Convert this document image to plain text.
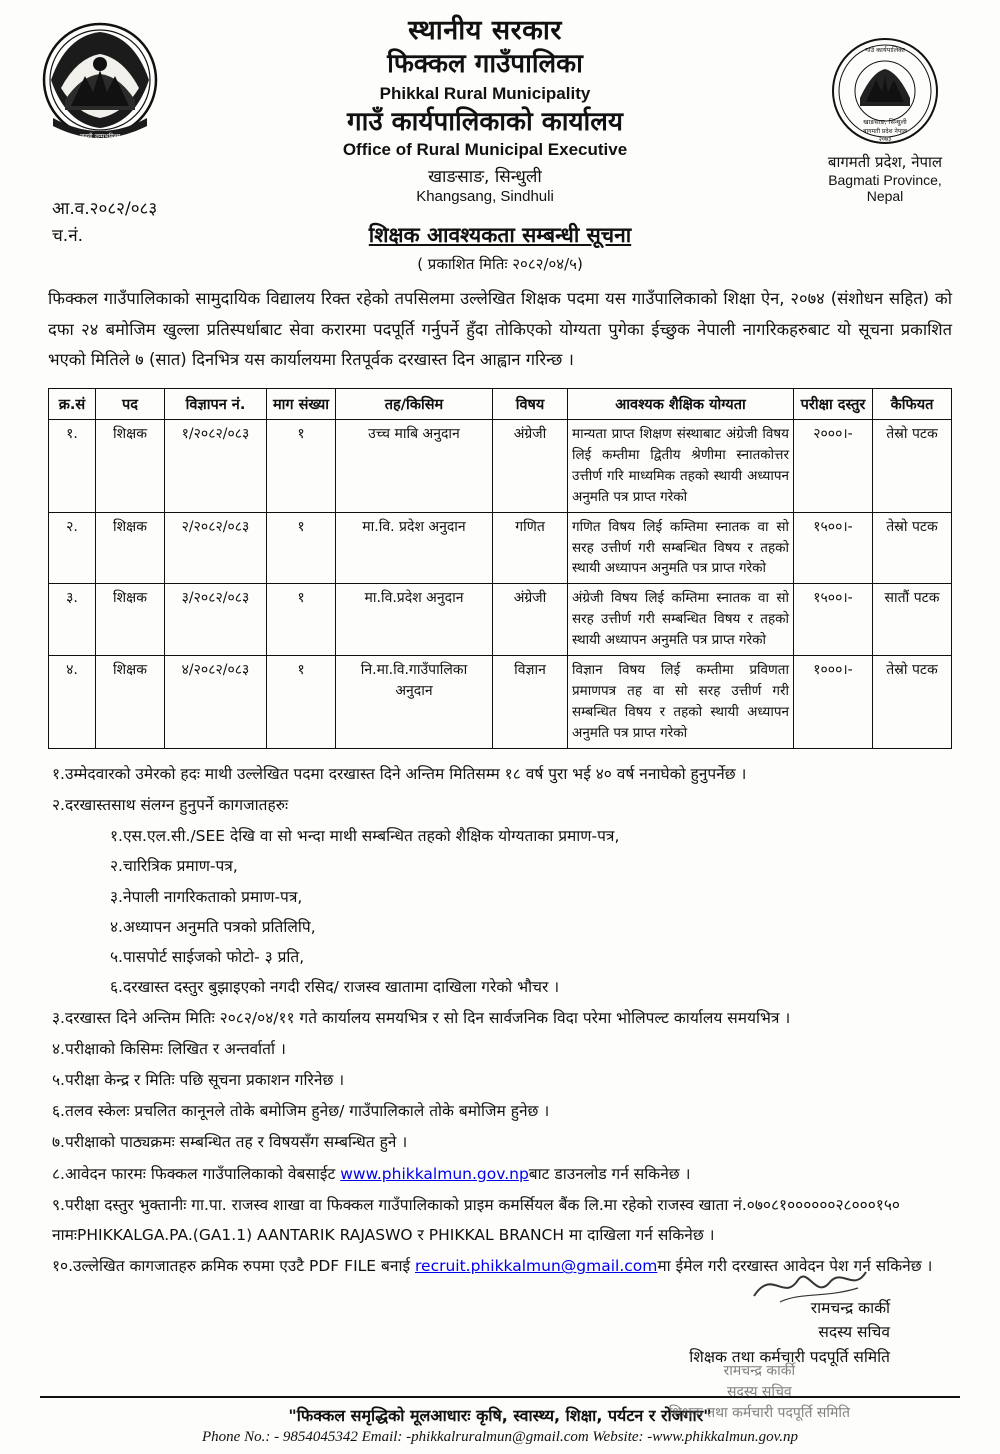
जननी जन्मभूमिश्च
स्थानीय सरकार
फिक्कल गाउँपालिका
Phikkal Rural Municipality
गाउँ कार्यपालिकाको कार्यालय
Office of Rural Municipal Executive
खाङसाङ, सिन्धुली
Khangsang, Sindhuli
गाउँ कार्यपालिका
खाङसाङ, सिन्धुली
बागमती प्रदेश नेपाल
२०७३
बागमती प्रदेश, नेपाल
Bagmati Province, Nepal
आ.व.२०८२/०८३
च.नं.	शिक्षक आवश्यकता सम्बन्धी सूचना
( प्रकाशित मितिः २०८२/०४/५)
फिक्कल गाउँपालिकाको सामुदायिक विद्यालय रिक्त रहेको तपसिलमा उल्लेखित शिक्षक पदमा यस गाउँपालिकाको शिक्षा ऐन, २०७४ (संशोधन सहित) को दफा २४ बमोजिम खुल्ला प्रतिस्पर्धाबाट सेवा करारमा पदपूर्ति गर्नुपर्ने हुँदा तोकिएको योग्यता पुगेका ईच्छुक नेपाली नागरिकहरुबाट यो सूचना प्रकाशित भएको मितिले ७ (सात) दिनभित्र यस कार्यालयमा रितपूर्वक दरखास्त दिन आह्वान गरिन्छ ।
क्र.सं	पद	विज्ञापन नं.	माग संख्या	तह/किसिम	विषय	आवश्यक शैक्षिक योग्यता	परीक्षा दस्तुर	कैफियत
१.	शिक्षक	१/२०८२/०८३	१	उच्च माबि अनुदान	अंग्रेजी	मान्यता प्राप्त शिक्षण संस्थाबाट अंग्रेजी विषय लिई कम्तीमा द्वितीय श्रेणीमा स्नातकोत्तर उत्तीर्ण गरि माध्यमिक तहको स्थायी अध्यापन अनुमति पत्र प्राप्त गरेको	२०००।-	तेस्रो पटक
२.	शिक्षक	२/२०८२/०८३	१	मा.वि. प्रदेश अनुदान	गणित	गणित विषय लिई कम्तिमा स्नातक वा सो सरह उत्तीर्ण गरी सम्बन्धित विषय र तहको स्थायी अध्यापन अनुमति पत्र प्राप्त गरेको	१५००।-	तेस्रो पटक
३.	शिक्षक	३/२०८२/०८३	१	मा.वि.प्रदेश अनुदान	अंग्रेजी	अंग्रेजी विषय लिई कम्तिमा स्नातक वा सो सरह उत्तीर्ण गरी सम्बन्धित विषय र तहको स्थायी अध्यापन अनुमति पत्र प्राप्त गरेको	१५००।-	सातौं पटक
४.	शिक्षक	४/२०८२/०८३	१	नि.मा.वि.गाउँपालिका अनुदान	विज्ञान	विज्ञान विषय लिई कम्तीमा प्रविणता प्रमाणपत्र तह वा सो सरह उत्तीर्ण गरी सम्बन्धित विषय र तहको स्थायी अध्यापन अनुमति पत्र प्राप्त गरेको	१०००।-	तेस्रो पटक
१.उम्मेदवारको उमेरको हदः माथी उल्लेखित पदमा दरखास्त दिने अन्तिम मितिसम्म १८ वर्ष पुरा भई ४० वर्ष ननाघेको हुनुपर्नेछ ।
२.दरखास्तसाथ संलग्न हुनुपर्ने कागजातहरुः
१.एस.एल.सी./SEE देखि वा सो भन्दा माथी सम्बन्धित तहको शैक्षिक योग्यताका प्रमाण-पत्र,
२.चारित्रिक प्रमाण-पत्र,
३.नेपाली नागरिकताको प्रमाण-पत्र,
४.अध्यापन अनुमति पत्रको प्रतिलिपि,
५.पासपोर्ट साईजको फोटो- ३ प्रति,
६.दरखास्त दस्तुर बुझाइएको नगदी रसिद/ राजस्व खातामा दाखिला गरेको भौचर ।
३.दरखास्त दिने अन्तिम मितिः २०८२/०४/११ गते कार्यालय समयभित्र र सो दिन सार्वजनिक विदा परेमा भोलिपल्ट कार्यालय समयभित्र ।
४.परीक्षाको किसिमः लिखित र अन्तर्वार्ता ।
५.परीक्षा केन्द्र र मितिः पछि सूचना प्रकाशन गरिनेछ ।
६.तलव स्केलः प्रचलित कानूनले तोके बमोजिम हुनेछ/ गाउँपालिकाले तोके बमोजिम हुनेछ ।
७.परीक्षाको पाठ्यक्रमः सम्बन्धित तह र विषयसँग सम्बन्धित हुने ।
८.आवेदन फारमः फिक्कल गाउँपालिकाको वेबसाईट www.phikkalmun.gov.npबाट डाउनलोड गर्न सकिनेछ ।
९.परीक्षा दस्तुर भुक्तानीः गा.पा. राजस्व शाखा वा फिक्कल गाउँपालिकाको प्राइम कमर्सियल बैंक लि.मा रहेको राजस्व खाता नं.०७०८१००००००२८०००१५० नामःPHIKKALGA.PA.(GA1.1) AANTARIK RAJASWO र PHIKKAL BRANCH मा दाखिला गर्न सकिनेछ ।
१०.उल्लेखित कागजातहरु क्रमिक रुपमा एउटै PDF FILE बनाई recruit.phikkalmun@gmail.comमा ईमेल गरी दरखास्त आवेदन पेश गर्न सकिनेछ ।
रामचन्द्र कार्की
सदस्य सचिव
शिक्षक तथा कर्मचारी पदपूर्ति समिति
"फिक्कल समृद्धिको मूलआधारः कृषि, स्वास्थ्य, शिक्षा, पर्यटन र रोजगार"
Phone No.: - 9854045342 Email: -phikkalruralmun@gmail.com Website: -www.phikkalmun.gov.np
रामचन्द्र कार्की
सदस्य सचिव
शिक्षक तथा कर्मचारी पदपूर्ति समिति
